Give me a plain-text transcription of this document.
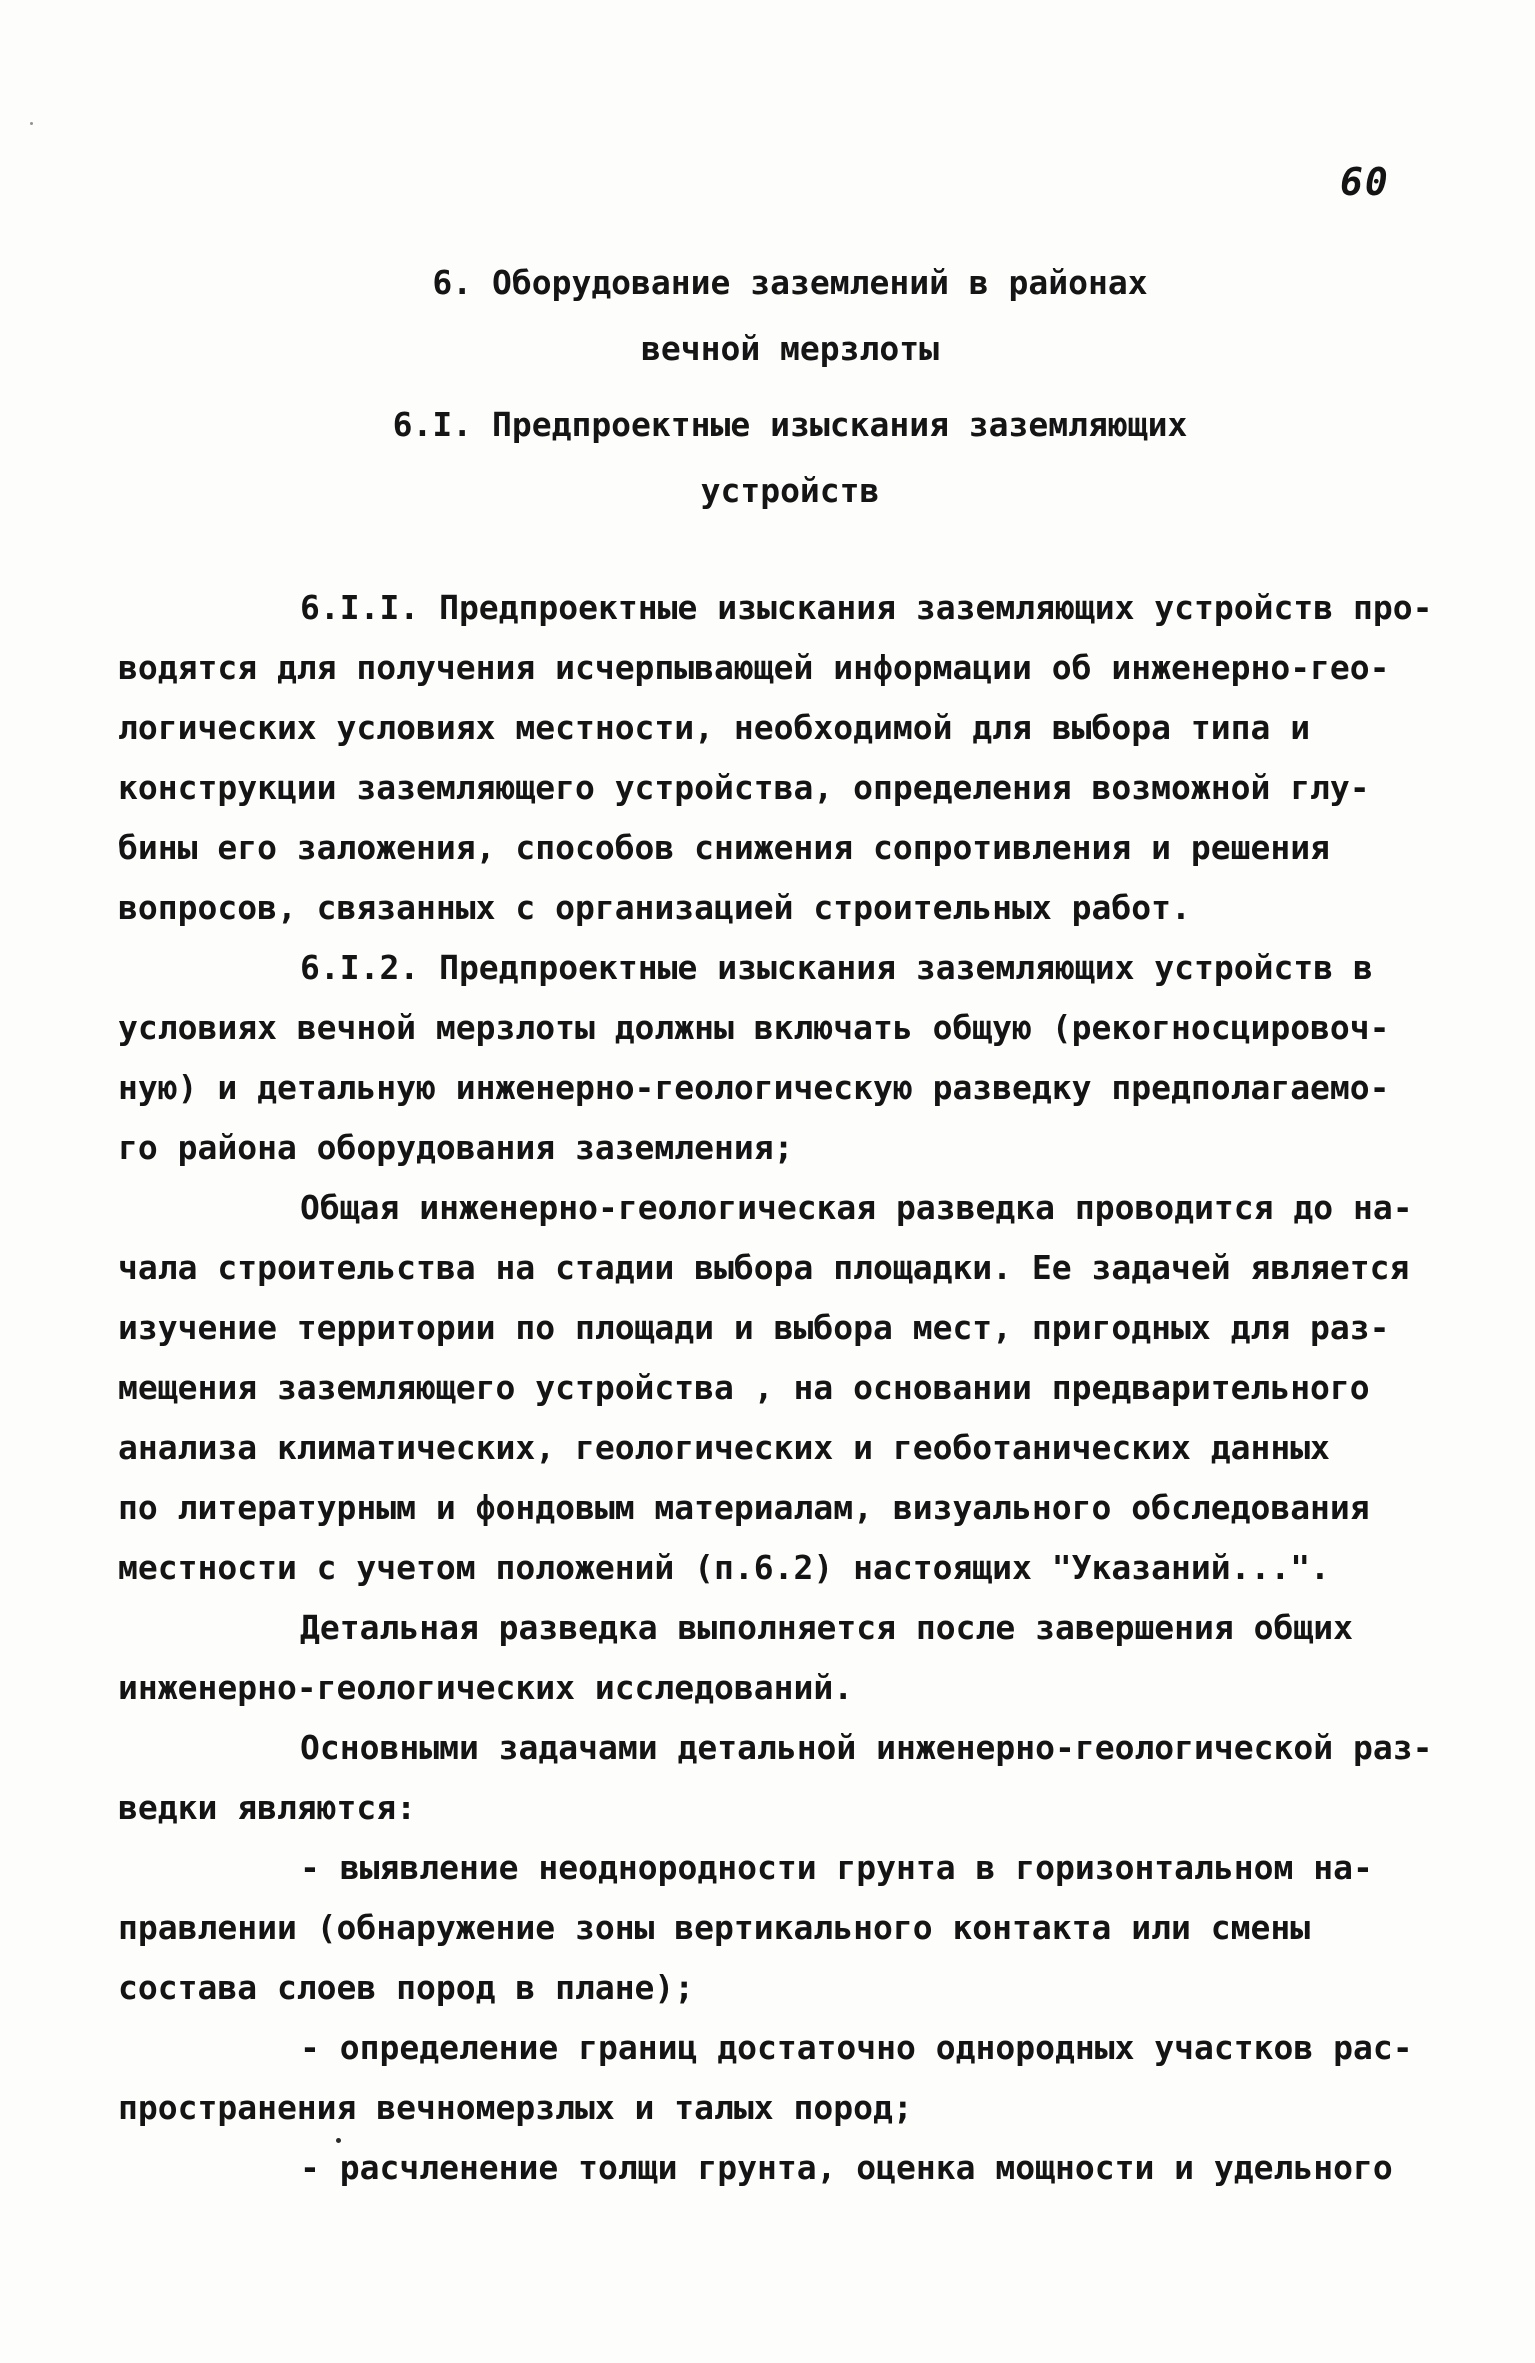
60
6. Оборудование заземлений в районах
вечной мерзлоты
6.I. Предпроектные изыскания заземляющих
устройств
6.I.I. Предпроектные изыскания заземляющих устройств про-
водятся для получения исчерпывающей информации об инженерно-гео-
логических условиях местности, необходимой для выбора типа и
конструкции заземляющего устройства, определения возможной глу-
бины его заложения, способов снижения сопротивления и решения
вопросов, связанных с организацией строительных работ.
6.I.2. Предпроектные изыскания заземляющих устройств в
условиях вечной мерзлоты должны включать общую (рекогносцировоч-
ную) и детальную инженерно-геологическую разведку предполагаемо-
го района оборудования заземления;
Общая инженерно-геологическая разведка проводится до на-
чала строительства на стадии выбора площадки. Ее задачей является
изучение территории по площади и выбора мест, пригодных для раз-
мещения заземляющего устройства , на основании предварительного
анализа климатических, геологических и геоботанических данных
по литературным и фондовым материалам, визуального обследования
местности с учетом положений (п.6.2) настоящих "Указаний...".
Детальная разведка выполняется после завершения общих
инженерно-геологических исследований.
Основными задачами детальной инженерно-геологической раз-
ведки являются:
- выявление неоднородности грунта в горизонтальном на-
правлении (обнаружение зоны вертикального контакта или смены
состава слоев пород в плане);
- определение границ достаточно однородных участков рас-
пространения вечномерзлых и талых пород;
- расчленение толщи грунта, оценка мощности и удельного
